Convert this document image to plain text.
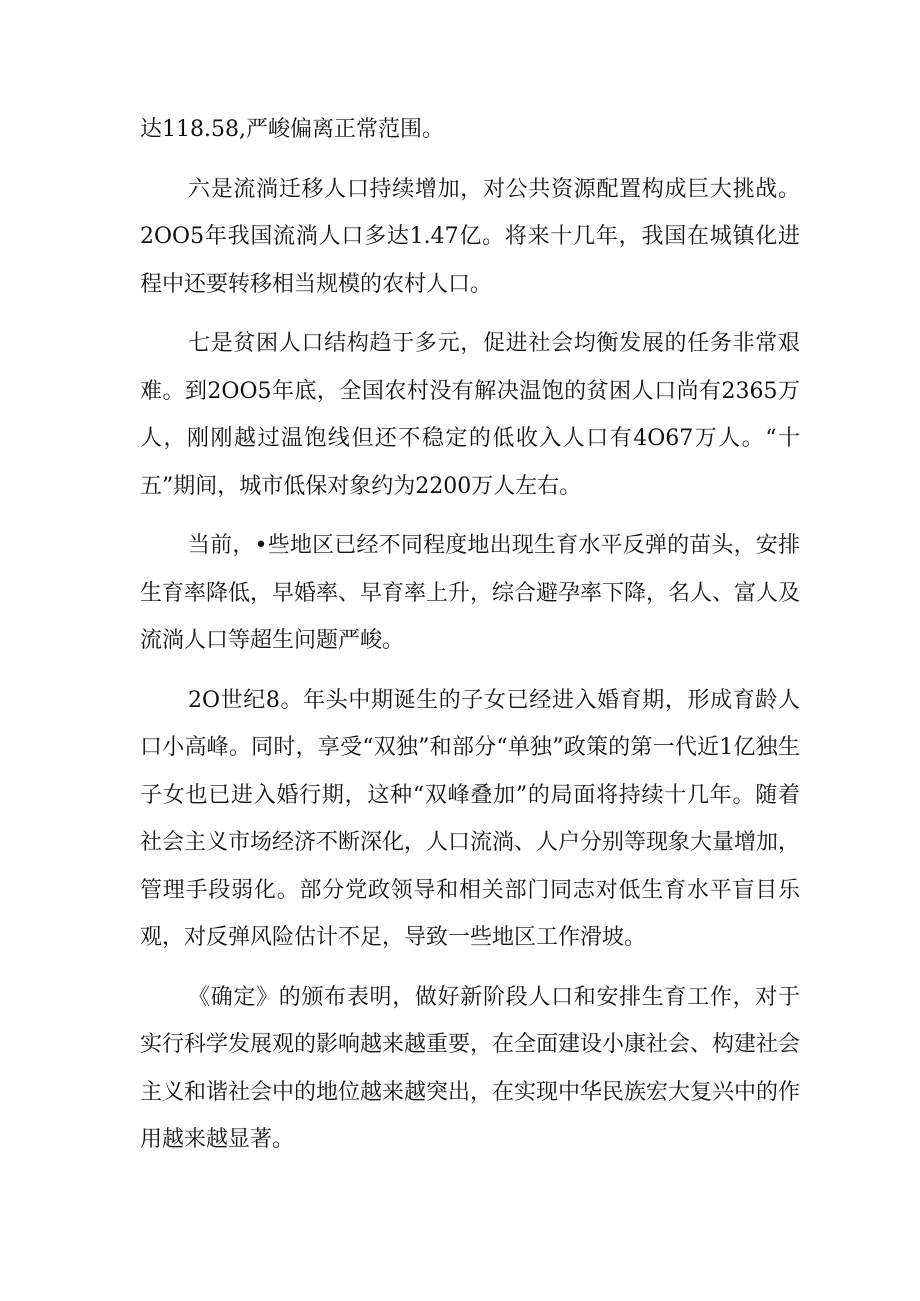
达118.58,严峻偏离正常范围。

六是流淌迁移人口持续增加，对公共资源配置构成巨大挑战。2OO5年我国流淌人口多达1.47亿。将来十几年，我国在城镇化进程中还要转移相当规模的农村人口。

七是贫困人口结构趋于多元，促进社会均衡发展的任务非常艰难。到2OO5年底，全国农村没有解决温饱的贫困人口尚有2365万人，刚刚越过温饱线但还不稳定的低收入人口有4O67万人。“十五”期间，城市低保对象约为2200万人左右。

当前，•些地区已经不同程度地出现生育水平反弹的苗头，安排生育率降低，早婚率、早育率上升，综合避孕率下降，名人、富人及流淌人口等超生问题严峻。

2O世纪8。年头中期诞生的子女已经进入婚育期，形成育龄人口小高峰。同时，享受“双独”和部分“单独”政策的第一代近1亿独生子女也已进入婚行期，这种“双峰叠加”的局面将持续十几年。随着社会主义市场经济不断深化，人口流淌、人户分别等现象大量增加，管理手段弱化。部分党政领导和相关部门同志对低生育水平盲目乐观，对反弹风险估计不足，导致一些地区工作滑坡。

《确定》的颁布表明，做好新阶段人口和安排生育工作，对于实行科学发展观的影响越来越重要，在全面建设小康社会、构建社会主义和谐社会中的地位越来越突出，在实现中华民族宏大复兴中的作用越来越显著。
